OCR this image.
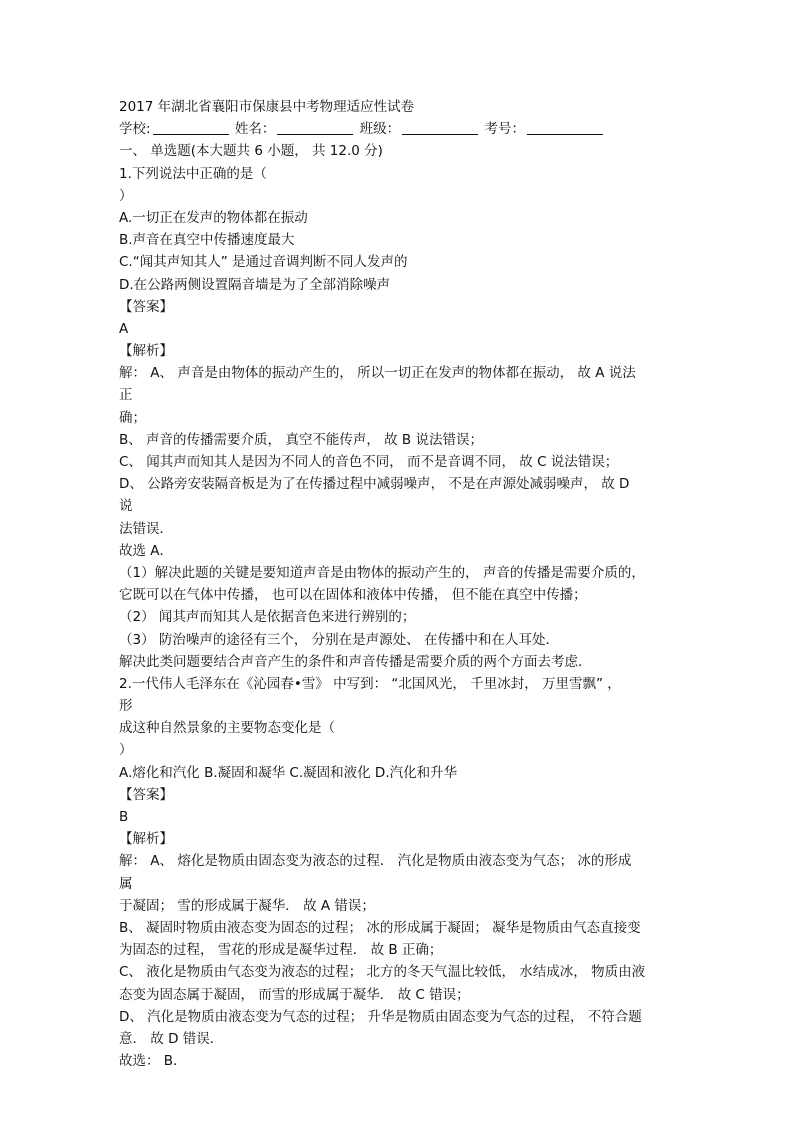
2017 年湖北省襄阳市保康县中考物理适应性试卷
学校:	姓名：	班级：	考号：
一、 单选题(本大题共 6 小题， 共 12.0 分)
1.下列说法中正确的是（
）
A.一切正在发声的物体都在振动
B.声音在真空中传播速度最大
C.“闻其声知其人” 是通过音调判断不同人发声的
D.在公路两侧设置隔音墙是为了全部消除噪声
【答案】
A
【解析】
解： A、 声音是由物体的振动产生的， 所以一切正在发声的物体都在振动， 故 A 说法
正
确；
B、 声音的传播需要介质， 真空不能传声， 故 B 说法错误；
C、 闻其声而知其人是因为不同人的音色不同， 而不是音调不同， 故 C 说法错误；
D、 公路旁安装隔音板是为了在传播过程中减弱噪声， 不是在声源处减弱噪声， 故 D
说
法错误．
故选 A．
（1）解决此题的关键是要知道声音是由物体的振动产生的， 声音的传播是需要介质的，
它既可以在气体中传播， 也可以在固体和液体中传播， 但不能在真空中传播；
（2） 闻其声而知其人是依据音色来进行辨别的；
（3） 防治噪声的途径有三个， 分别在是声源处、 在传播中和在人耳处．
解决此类问题要结合声音产生的条件和声音传播是需要介质的两个方面去考虑．
2.一代伟人毛泽东在《沁园春•雪》 中写到： “北国风光， 千里冰封， 万里雪飘” ，
形
成这种自然景象的主要物态变化是（
）
A.熔化和汽化 B.凝固和凝华 C.凝固和液化 D.汽化和升华
【答案】
B
【解析】
解： A、 熔化是物质由固态变为液态的过程． 汽化是物质由液态变为气态； 冰的形成
属
于凝固； 雪的形成属于凝华． 故 A 错误；
B、 凝固时物质由液态变为固态的过程； 冰的形成属于凝固； 凝华是物质由气态直接变
为固态的过程， 雪花的形成是凝华过程． 故 B 正确；
C、 液化是物质由气态变为液态的过程； 北方的冬天气温比较低， 水结成冰， 物质由液
态变为固态属于凝固， 而雪的形成属于凝华． 故 C 错误；
D、 汽化是物质由液态变为气态的过程； 升华是物质由固态变为气态的过程， 不符合题
意． 故 D 错误．
故选： B．
